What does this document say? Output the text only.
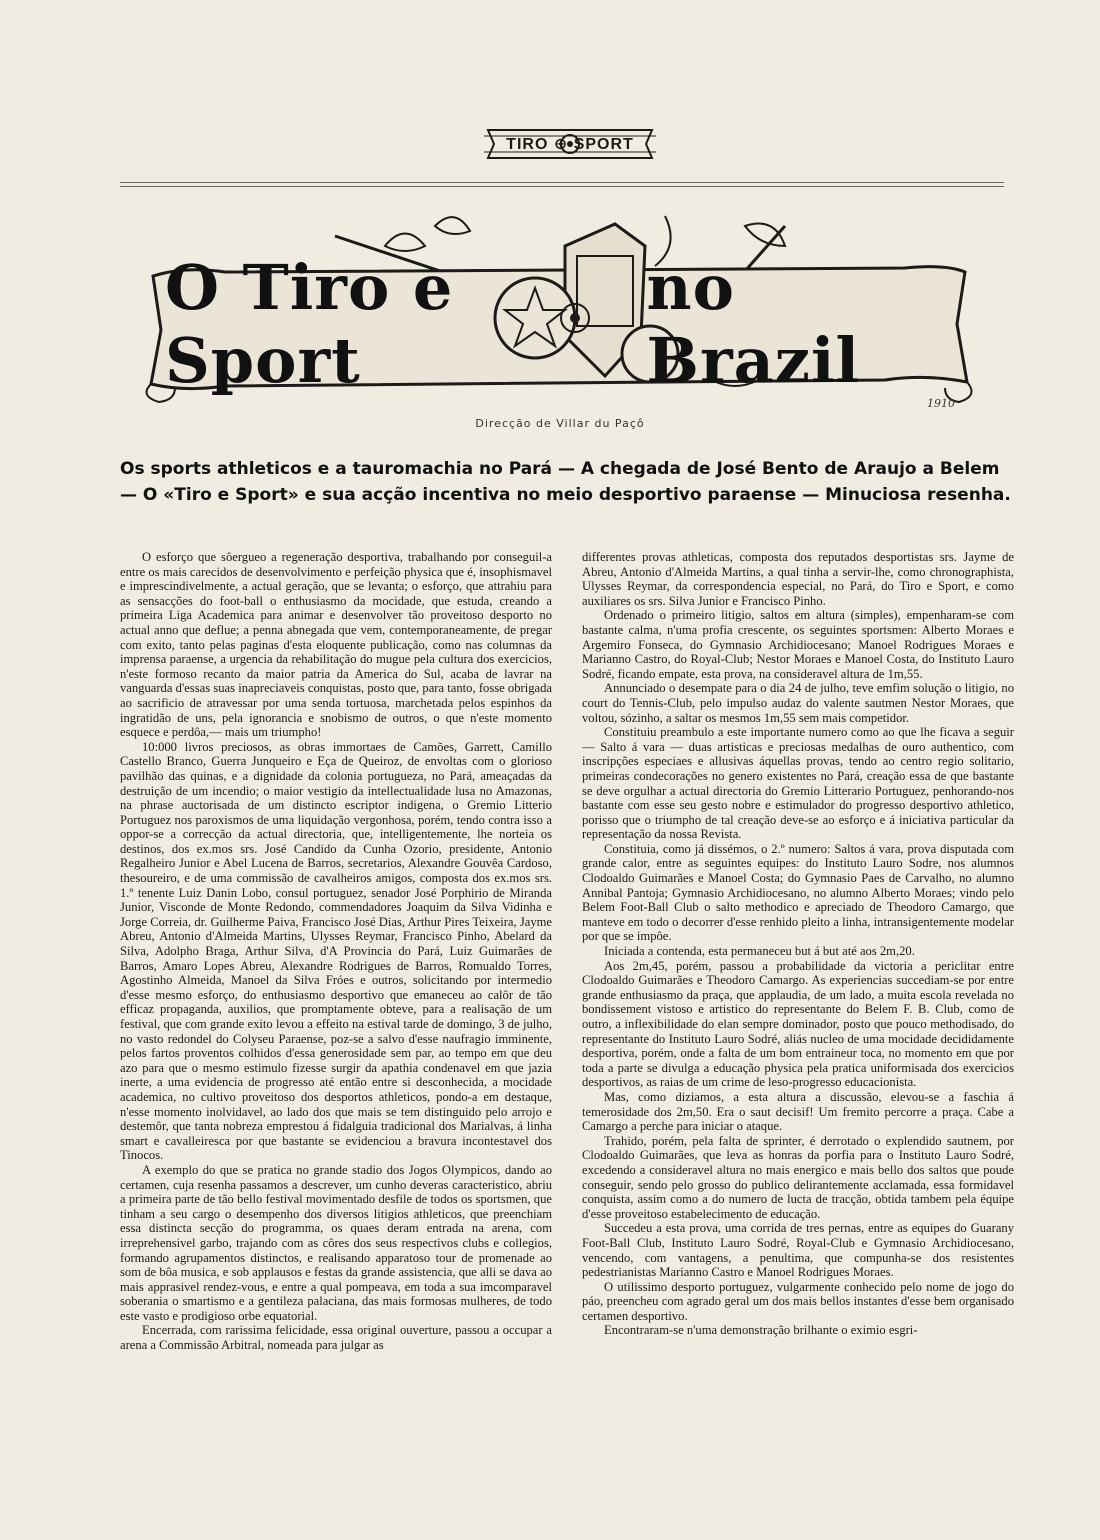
TIRO ⊕ SPORT
O Tiro e Sport
no Brazil
1910
Direcção de Villar du Paçô
Os sports athleticos e a tauromachia no Pará — A chegada de José Bento de Araujo a Belem — O «Tiro e Sport» e sua acção incentiva no meio desportivo paraense — Minuciosa resenha.

O esforço que sôergueo a regeneração desportiva, trabalhando por conseguil-a entre os mais carecidos de desenvolvimento e perfeição physica que é, insophismavel e imprescindivelmente, a actual geração, que se levanta; o esforço, que attrahiu para as sensacções do foot-ball o enthusiasmo da mocidade, que estuda, creando a primeira Liga Academica para animar e desenvolver tão proveitoso desporto no actual anno que deflue; a penna abnegada que vem, contemporaneamente, de pregar com exito, tanto pelas paginas d'esta eloquente publicação, como nas columnas da imprensa paraense, a urgencia da rehabilitação do mugue pela cultura dos exercicios, n'este formoso recanto da maior patria da America do Sul, acaba de lavrar na vanguarda d'essas suas inapreciaveis conquistas, posto que, para tanto, fosse obrigada ao sacrificio de atravessar por uma senda tortuosa, marchetada pelos espinhos da ingratidão de uns, pela ignorancia e snobismo de outros, o que n'este momento esquece e perdôa,— mais um triumpho!

10:000 livros preciosos, as obras immortaes de Camões, Garrett, Camillo Castello Branco, Guerra Junqueiro e Eça de Queiroz, de envoltas com o glorioso pavilhão das quinas, e a dignidade da colonia portugueza, no Pará, ameaçadas da destruição de um incendio; o maior vestigio da intellectualidade lusa no Amazonas, na phrase auctorisada de um distincto escriptor indigena, o Gremio Litterio Portuguez nos paroxismos de uma liquidação vergonhosa, porém, tendo contra isso a oppor-se a correcção da actual directoria, que, intelligentemente, lhe norteia os destinos, dos ex.mos srs. José Candido da Cunha Ozorio, presidente, Antonio Regalheiro Junior e Abel Lucena de Barros, secretarios, Alexandre Gouvêa Cardoso, thesoureiro, e de uma commissão de cavalheiros amigos, composta dos ex.mos srs. 1.º tenente Luiz Danin Lobo, consul portuguez, senador José Porphirio de Miranda Junior, Visconde de Monte Redondo, commendadores Joaquim da Silva Vidinha e Jorge Correia, dr. Guilherme Paiva, Francisco José Dias, Arthur Pires Teixeira, Jayme Abreu, Antonio d'Almeida Martins, Ulysses Reymar, Francisco Pinho, Abelard da Silva, Adolpho Braga, Arthur Silva, d'A Provincia do Pará, Luiz Guimarães de Barros, Amaro Lopes Abreu, Alexandre Rodrigues de Barros, Romualdo Torres, Agostinho Almeida, Manoel da Silva Fróes e outros, solicitando por intermedio d'esse mesmo esforço, do enthusiasmo desportivo que emaneceu ao calôr de tão efficaz propaganda, auxilios, que promptamente obteve, para a realisação de um festival, que com grande exito levou a effeito na estival tarde de domingo, 3 de julho, no vasto redondel do Colyseu Paraense, poz-se a salvo d'esse naufragio imminente, pelos fartos proventos colhidos d'essa generosidade sem par, ao tempo em que deu azo para que o mesmo estimulo fizesse surgir da apathia condenavel em que jazia inerte, a uma evidencia de progresso até então entre si desconhecida, a mocidade academica, no cultivo proveitoso dos desportos athleticos, pondo-a em destaque, n'esse momento inolvidavel, ao lado dos que mais se tem distinguido pelo arrojo e destemôr, que tanta nobreza emprestou á fidalguia tradicional dos Marialvas, á linha smart e cavalleiresca por que bastante se evidenciou a bravura incontestavel dos Tinocos.

A exemplo do que se pratica no grande stadio dos Jogos Olympicos, dando ao certamen, cuja resenha passamos a descrever, um cunho deveras caracteristico, abriu a primeira parte de tão bello festival movimentado desfile de todos os sportsmen, que tinham a seu cargo o desempenho dos diversos litigios athleticos, que preenchiam essa distincta secção do programma, os quaes deram entrada na arena, com irreprehensivel garbo, trajando com as côres dos seus respectivos clubs e collegios, formando agrupamentos distinctos, e realisando apparatoso tour de promenade ao som de bôa musica, e sob applausos e festas da grande assistencia, que alli se dava ao mais apprasivel rendez-vous, e entre a qual pompeava, em toda a sua imcomparavel soberania o smartismo e a gentileza palaciana, das mais formosas mulheres, de todo este vasto e prodigioso orbe equatorial.

Encerrada, com rarissima felicidade, essa original ouverture, passou a occupar a arena a Commissão Arbitral, nomeada para julgar as

differentes provas athleticas, composta dos reputados desportistas srs. Jayme de Abreu, Antonio d'Almeida Martins, a qual tinha a servir-lhe, como chronographista, Ulysses Reymar, da correspondencia especial, no Pará, do Tiro e Sport, e como auxiliares os srs. Silva Junior e Francisco Pinho.

Ordenado o primeiro litigio, saltos em altura (simples), empenharam-se com bastante calma, n'uma profia crescente, os seguintes sportsmen: Alberto Moraes e Argemiro Fonseca, do Gymnasio Archidiocesano; Manoel Rodrigues Moraes e Marianno Castro, do Royal-Club; Nestor Moraes e Manoel Costa, do Instituto Lauro Sodré, ficando empate, esta prova, na consideravel altura de 1m,55.

Annunciado o desempate para o dia 24 de julho, teve emfim solução o litigio, no court do Tennis-Club, pelo impulso audaz do valente sautmen Nestor Moraes, que voltou, sózinho, a saltar os mesmos 1m,55 sem mais competidor.

Constituiu preambulo a este importante numero como ao que lhe ficava a seguir — Salto á vara — duas artisticas e preciosas medalhas de ouro authentico, com inscripções especiaes e allusivas áquellas provas, tendo ao centro regio solitario, primeiras condecorações no genero existentes no Pará, creação essa de que bastante se deve orgulhar a actual directoria do Gremio Litterario Portuguez, penhorando-nos bastante com esse seu gesto nobre e estimulador do progresso desportivo athletico, porisso que o triumpho de tal creação deve-se ao esforço e á iniciativa particular da representação da nossa Revista.

Constituia, como já dissémos, o 2.º numero: Saltos á vara, prova disputada com grande calor, entre as seguintes equipes: do Instituto Lauro Sodre, nos alumnos Clodoaldo Guimarães e Manoel Costa; do Gymnasio Paes de Carvalho, no alumno Annibal Pantoja; Gymnasio Archidiocesano, no alumno Alberto Moraes; vindo pelo Belem Foot-Ball Club o salto methodico e apreciado de Theodoro Camargo, que manteve em todo o decorrer d'esse renhido pleito a linha, intransigentemente modelar por que se impôe.

Iniciada a contenda, esta permaneceu but á but até aos 2m,20.

Aos 2m,45, porém, passou a probabilidade da victoria a periclitar entre Clodoaldo Guimarães e Theodoro Camargo. As experiencias succediam-se por entre grande enthusiasmo da praça, que applaudia, de um lado, a muita escola revelada no bondissement vistoso e artistico do representante do Belem F. B. Club, como de outro, a inflexibilidade do elan sempre dominador, posto que pouco methodisado, do representante do Instituto Lauro Sodré, aliás nucleo de uma mocidade decididamente desportiva, porém, onde a falta de um bom entraineur toca, no momento em que por toda a parte se divulga a educação physica pela pratica uniformisada dos exercicios desportivos, as raias de um crime de leso-progresso educacionista.

Mas, como diziamos, a esta altura a discussão, elevou-se a faschia á temerosidade dos 2m,50. Era o saut decisif! Um fremito percorre a praça. Cabe a Camargo a perche para iniciar o ataque.

Trahido, porém, pela falta de sprinter, é derrotado o explendido sautnem, por Clodoaldo Guimarães, que leva as honras da porfia para o Instituto Lauro Sodré, excedendo a consideravel altura no mais energico e mais bello dos saltos que poude conseguir, sendo pelo grosso do publico delirantemente acclamada, essa formidavel conquista, assim como a do numero de lucta de tracção, obtida tambem pela équipe d'esse proveitoso estabelecimento de educação.

Succedeu a esta prova, uma corrida de tres pernas, entre as equipes do Guarany Foot-Ball Club, Instituto Lauro Sodré, Royal-Club e Gymnasio Archidiocesano, vencendo, com vantagens, a penultima, que compunha-se dos resistentes pedestrianistas Marianno Castro e Manoel Rodrigues Moraes.

O utilissimo desporto portuguez, vulgarmente conhecido pelo nome de jogo do páo, preencheu com agrado geral um dos mais bellos instantes d'esse bem organisado certamen desportivo.

Encontraram-se n'uma demonstração brilhante o eximio esgri-
